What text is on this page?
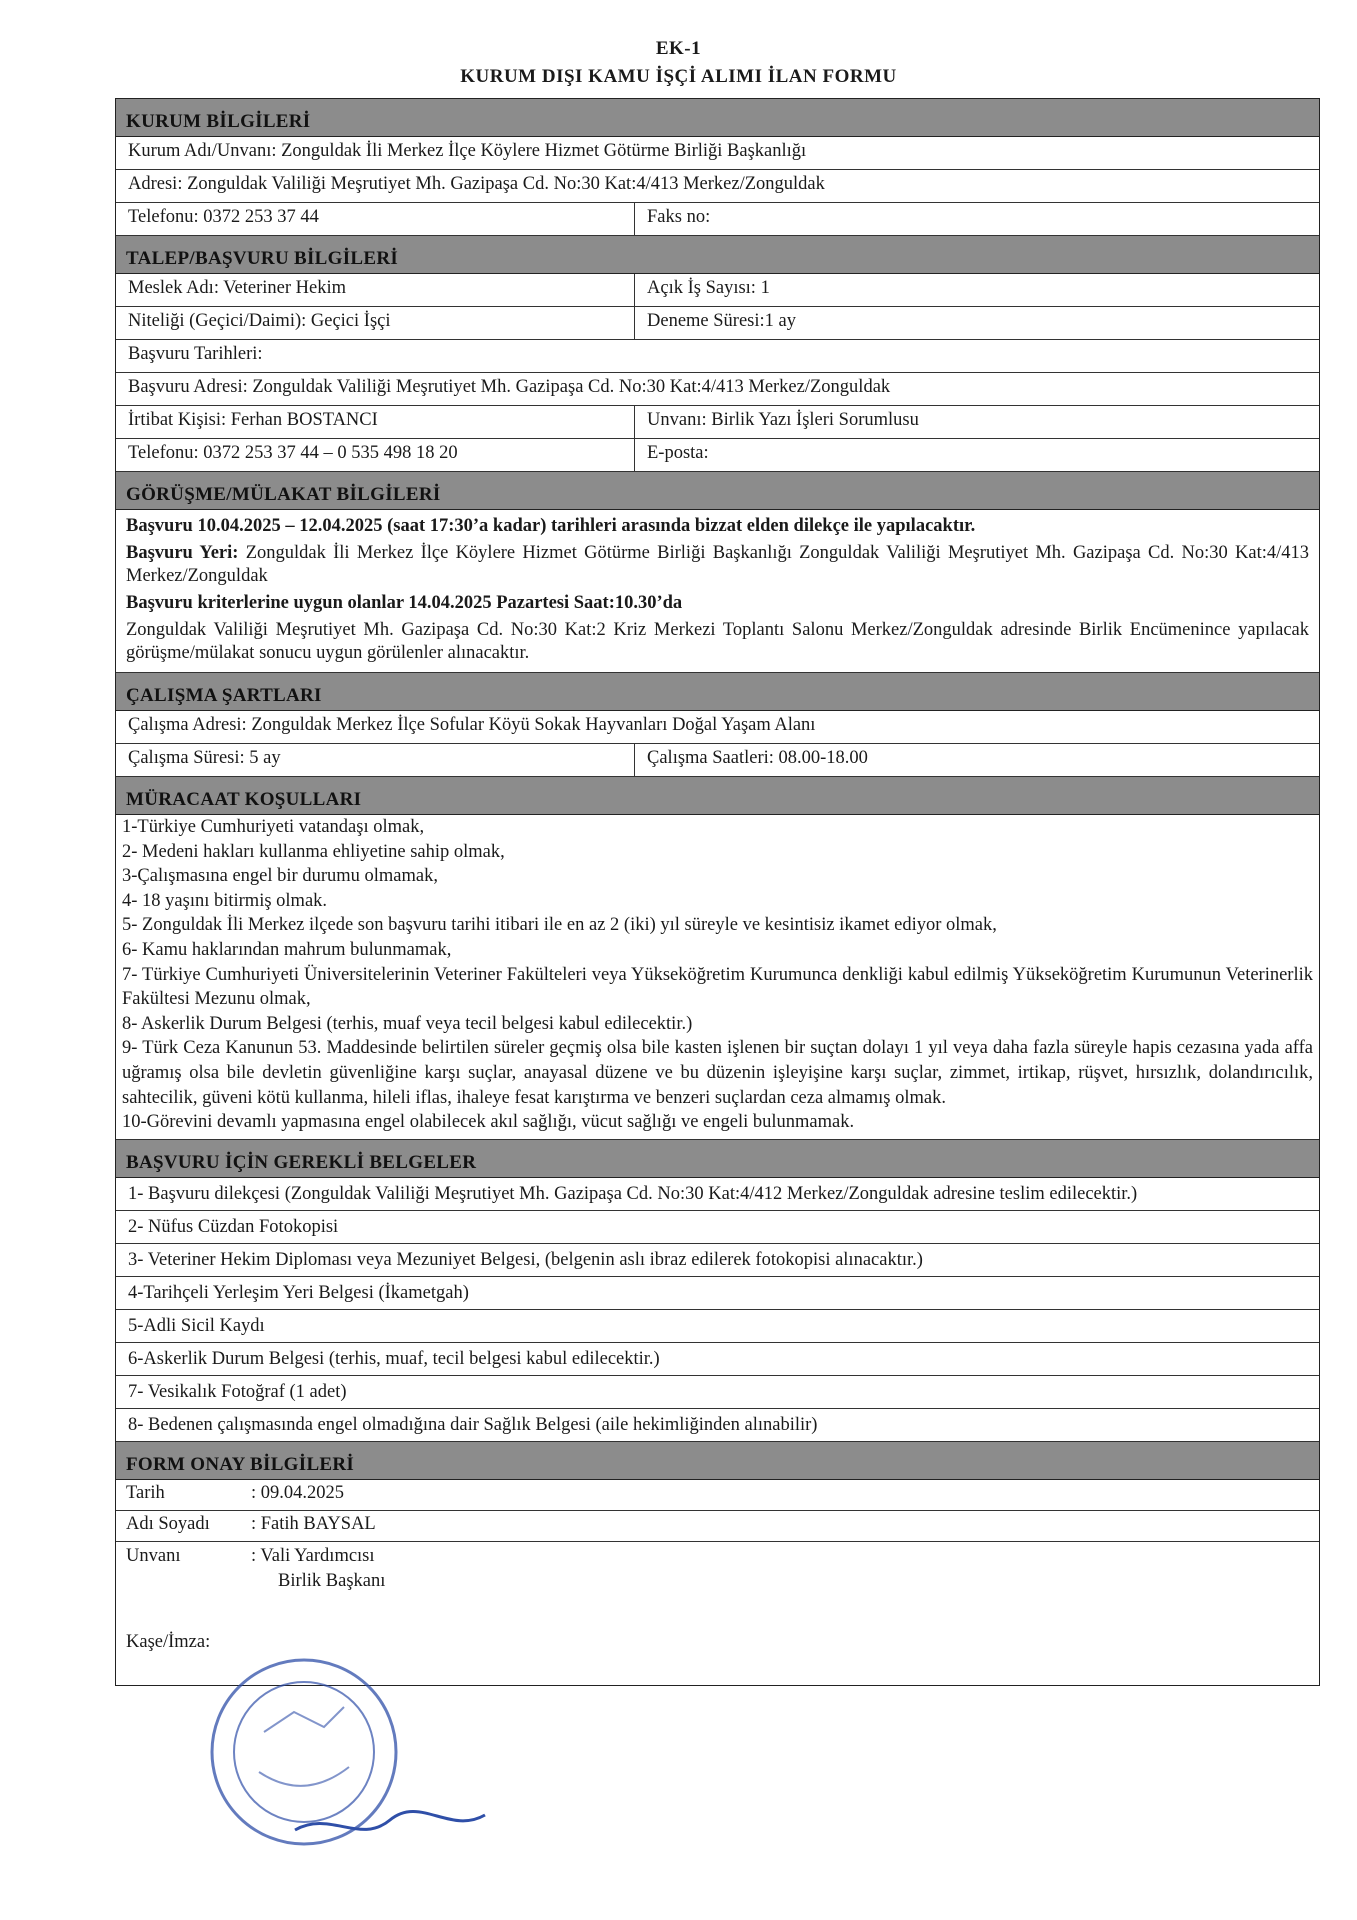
EK-1
KURUM DIŞI KAMU İŞÇİ ALIMI İLAN FORMU
KURUM BİLGİLERİ
Kurum Adı/Unvanı: Zonguldak İli Merkez İlçe Köylere Hizmet Götürme Birliği Başkanlığı
Adresi: Zonguldak Valiliği Meşrutiyet Mh. Gazipaşa Cd. No:30 Kat:4/413 Merkez/Zonguldak
Telefonu: 0372 253 37 44	Faks no:
TALEP/BAŞVURU BİLGİLERİ
Meslek Adı: Veteriner Hekim	Açık İş Sayısı: 1
Niteliği (Geçici/Daimi): Geçici İşçi	Deneme Süresi:1 ay
Başvuru Tarihleri:
Başvuru Adresi: Zonguldak Valiliği Meşrutiyet Mh. Gazipaşa Cd. No:30 Kat:4/413 Merkez/Zonguldak
İrtibat Kişisi: Ferhan BOSTANCI	Unvanı: Birlik Yazı İşleri Sorumlusu
Telefonu: 0372 253 37 44 – 0 535 498 18 20	E-posta:
GÖRÜŞME/MÜLAKAT BİLGİLERİ
Başvuru 10.04.2025 – 12.04.2025 (saat 17:30’a kadar) tarihleri arasında bizzat elden dilekçe ile yapılacaktır.
Başvuru Yeri: Zonguldak İli Merkez İlçe Köylere Hizmet Götürme Birliği Başkanlığı Zonguldak Valiliği Meşrutiyet Mh. Gazipaşa Cd. No:30 Kat:4/413 Merkez/Zonguldak
Başvuru kriterlerine uygun olanlar 14.04.2025 Pazartesi Saat:10.30’da
Zonguldak Valiliği Meşrutiyet Mh. Gazipaşa Cd. No:30 Kat:2 Kriz Merkezi Toplantı Salonu Merkez/Zonguldak adresinde Birlik Encümenince yapılacak görüşme/mülakat sonucu uygun görülenler alınacaktır.
ÇALIŞMA ŞARTLARI
Çalışma Adresi: Zonguldak Merkez İlçe Sofular Köyü Sokak Hayvanları Doğal Yaşam Alanı
Çalışma Süresi: 5 ay	Çalışma Saatleri: 08.00-18.00
MÜRACAAT KOŞULLARI
1-Türkiye Cumhuriyeti vatandaşı olmak,
2- Medeni hakları kullanma ehliyetine sahip olmak,
3-Çalışmasına engel bir durumu olmamak,
4- 18 yaşını bitirmiş olmak.
5- Zonguldak İli Merkez ilçede son başvuru tarihi itibari ile en az 2 (iki) yıl süreyle ve kesintisiz ikamet ediyor olmak,
6- Kamu haklarından mahrum bulunmamak,
7- Türkiye Cumhuriyeti Üniversitelerinin Veteriner Fakülteleri veya Yükseköğretim Kurumunca denkliği kabul edilmiş Yükseköğretim Kurumunun Veterinerlik Fakültesi Mezunu olmak,
8- Askerlik Durum Belgesi (terhis, muaf veya tecil belgesi kabul edilecektir.)
9- Türk Ceza Kanunun 53. Maddesinde belirtilen süreler geçmiş olsa bile kasten işlenen bir suçtan dolayı 1 yıl veya daha fazla süreyle hapis cezasına yada affa uğramış olsa bile devletin güvenliğine karşı suçlar, anayasal düzene ve bu düzenin işleyişine karşı suçlar, zimmet, irtikap, rüşvet, hırsızlık, dolandırıcılık, sahtecilik, güveni kötü kullanma, hileli iflas, ihaleye fesat karıştırma ve benzeri suçlardan ceza almamış olmak.
10-Görevini devamlı yapmasına engel olabilecek akıl sağlığı, vücut sağlığı ve engeli bulunmamak.
BAŞVURU İÇİN GEREKLİ BELGELER
1- Başvuru dilekçesi (Zonguldak Valiliği Meşrutiyet Mh. Gazipaşa Cd. No:30 Kat:4/412 Merkez/Zonguldak adresine teslim edilecektir.)
2- Nüfus Cüzdan Fotokopisi
3- Veteriner Hekim Diploması veya Mezuniyet Belgesi, (belgenin aslı ibraz edilerek fotokopisi alınacaktır.)
4-Tarihçeli Yerleşim Yeri Belgesi (İkametgah)
5-Adli Sicil Kaydı
6-Askerlik Durum Belgesi (terhis, muaf, tecil belgesi kabul edilecektir.)
7- Vesikalık Fotoğraf (1 adet)
8- Bedenen çalışmasında engel olmadığına dair Sağlık Belgesi (aile hekimliğinden alınabilir)
FORM ONAY BİLGİLERİ
Tarih	: 09.04.2025
Adı Soyadı : Fatih BAYSAL
Unvanı	: Vali Yardımcısı
Birlik Başkanı
Kaşe/İmza:
